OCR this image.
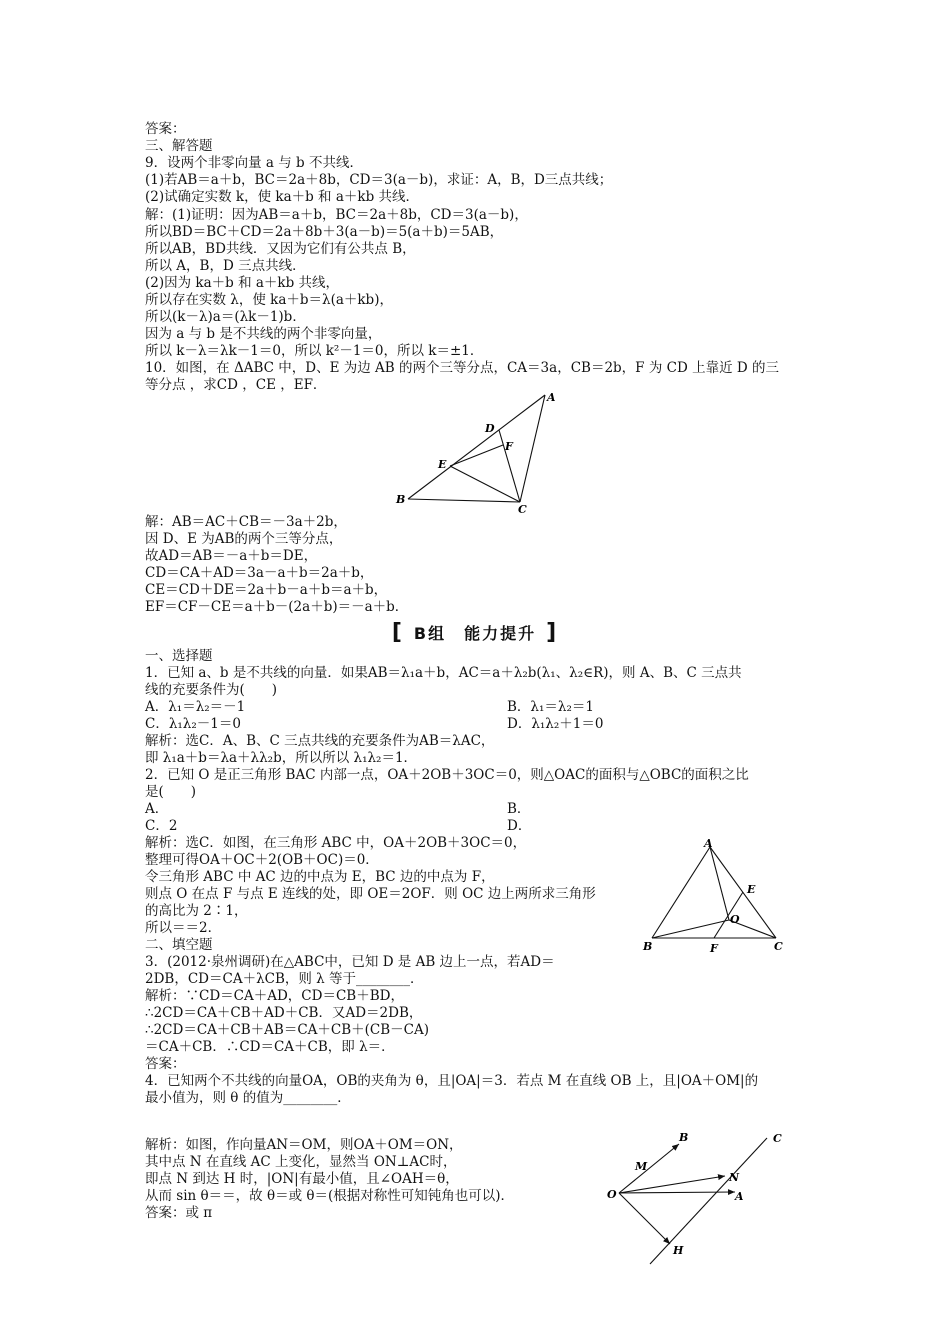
答案：
三、解答题
9．设两个非零向量 a 与 b 不共线．
(1)若AB＝a＋b，BC＝2a＋8b，CD＝3(a－b)，求证：A，B，D三点共线；
(2)试确定实数 k，使 ka＋b 和 a＋kb 共线．
解：(1)证明：因为AB＝a＋b，BC＝2a＋8b，CD＝3(a－b)，
所以BD＝BC＋CD＝2a＋8b＋3(a－b)＝5(a＋b)＝5AB，
所以AB，BD共线．又因为它们有公共点 B，
所以 A，B，D 三点共线．
(2)因为 ka＋b 和 a＋kb 共线，
所以存在实数 λ，使 ka＋b＝λ(a＋kb)，
所以(k－λ)a＝(λk－1)b．
因为 a 与 b 是不共线的两个非零向量，
所以 k－λ＝λk－1＝0，所以 k²－1＝0，所以 k＝±1．
10．如图，在 ΔABC 中，D、E 为边 AB 的两个三等分点，CA＝3a，CB＝2b，F 为 CD 上靠近 D 的三
等分点 ，求CD ，CE ，EF．
A
B
C
D
E
F
解：AB＝AC＋CB＝－3a＋2b，
因 D、E 为AB的两个三等分点，
故AD＝AB＝－a＋b＝DE，
CD＝CA＋AD＝3a－a＋b＝2a＋b，
CE＝CD＋DE＝2a＋b－a＋b＝a＋b，
EF＝CF－CE＝a＋b－(2a＋b)＝－a＋b．
[ B组　能力提升 ]
一、选择题
1．已知 a、b 是不共线的向量．如果AB＝λ₁a＋b，AC＝a＋λ₂b(λ₁、λ₂∈R)，则 A、B、C 三点共
线的充要条件为(　　)
A．λ₁＝λ₂＝－1	B．λ₁＝λ₂＝1
C．λ₁λ₂－1＝0	D．λ₁λ₂＋1＝0
解析：选C．A、B、C 三点共线的充要条件为AB＝λAC，
即 λ₁a＋b＝λa＋λλ₂b，所以所以 λ₁λ₂＝1．
2．已知 O 是正三角形 BAC 内部一点，OA＋2OB＋3OC＝0，则△OAC的面积与△OBC的面积之比
是(　　)
A．	B．
C．2	D．
解析：选C．如图，在三角形 ABC 中，OA＋2OB＋3OC＝0，
整理可得OA＋OC＋2(OB＋OC)＝0．
令三角形 ABC 中 AC 边的中点为 E，BC 边的中点为 F，
则点 O 在点 F 与点 E 连线的处，即 OE＝2OF．则 OC 边上两所求三角形
的高比为 2∶1，
所以＝＝2．
二、填空题
3．(2012·泉州调研)在△ABC中，已知 D 是 AB 边上一点，若AD＝
2DB，CD＝CA＋λCB，则 λ 等于________．
解析：∵CD＝CA＋AD，CD＝CB＋BD，
∴2CD＝CA＋CB＋AD＋CB．又AD＝2DB，
∴2CD＝CA＋CB＋AB＝CA＋CB＋(CB－CA)
＝CA＋CB．∴CD＝CA＋CB，即 λ＝．
答案：
4．已知两个不共线的向量OA，OB的夹角为 θ，且|OA|＝3．若点 M 在直线 OB 上，且|OA＋OM|的
最小值为，则 θ 的值为________．
A
B	C
E
F
O
解析：如图，作向量AN＝OM，则OA＋OM＝ON，
其中点 N 在直线 AC 上变化，显然当 ON⊥AC时，
即点 N 到达 H 时，|ON|有最小值，且∠OAH＝θ，
从而 sin θ＝＝，故 θ＝或 θ＝(根据对称性可知钝角也可以)．
答案：或 π
B
M
C
N
O	A
H
